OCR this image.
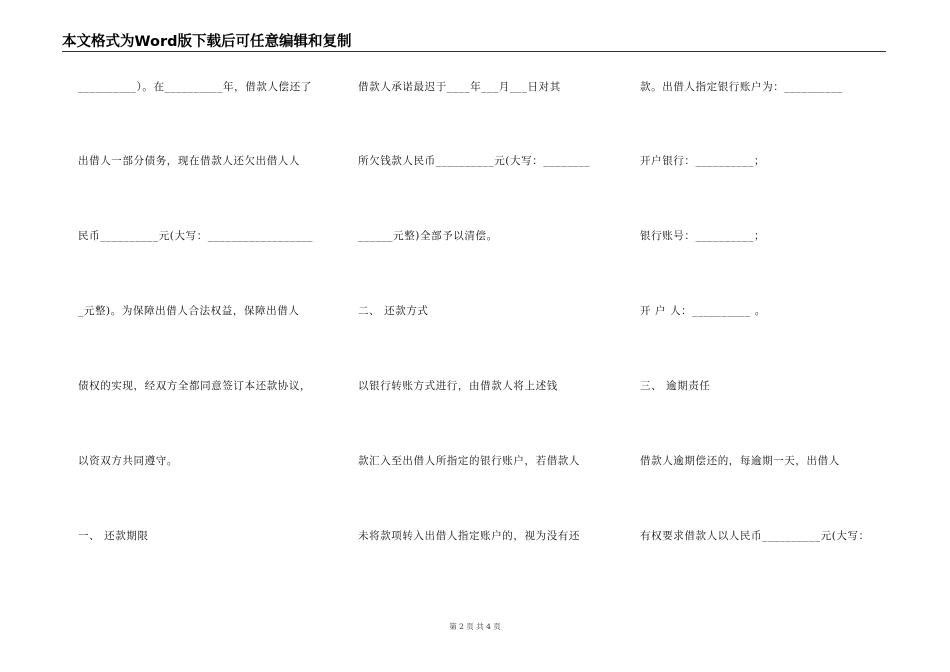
本文格式为Word版下载后可任意编辑和复制
__________）。在__________年，借款人偿还了
出借人一部分债务，现在借款人还欠出借人人
民币__________元(大写：__________________
_元整)。为保障出借人合法权益，保障出借人
债权的实现，经双方全都同意签订本还款协议，
以资双方共同遵守。
一、 还款期限
借款人承诺最迟于____年___月___日对其
所欠钱款人民币__________元(大写：________
______元整)全部予以清偿。
二、 还款方式
以银行转账方式进行，由借款人将上述钱
款汇入至出借人所指定的银行账户，若借款人
未将款项转入出借人指定账户的，视为没有还
款。出借人指定银行账户为：__________
开户银行：__________；
银行账号：__________；
开 户 人：__________ 。
三、 逾期责任
借款人逾期偿还的，每逾期一天，出借人
有权要求借款人以人民币__________元(大写：
第 2 页 共 4 页
